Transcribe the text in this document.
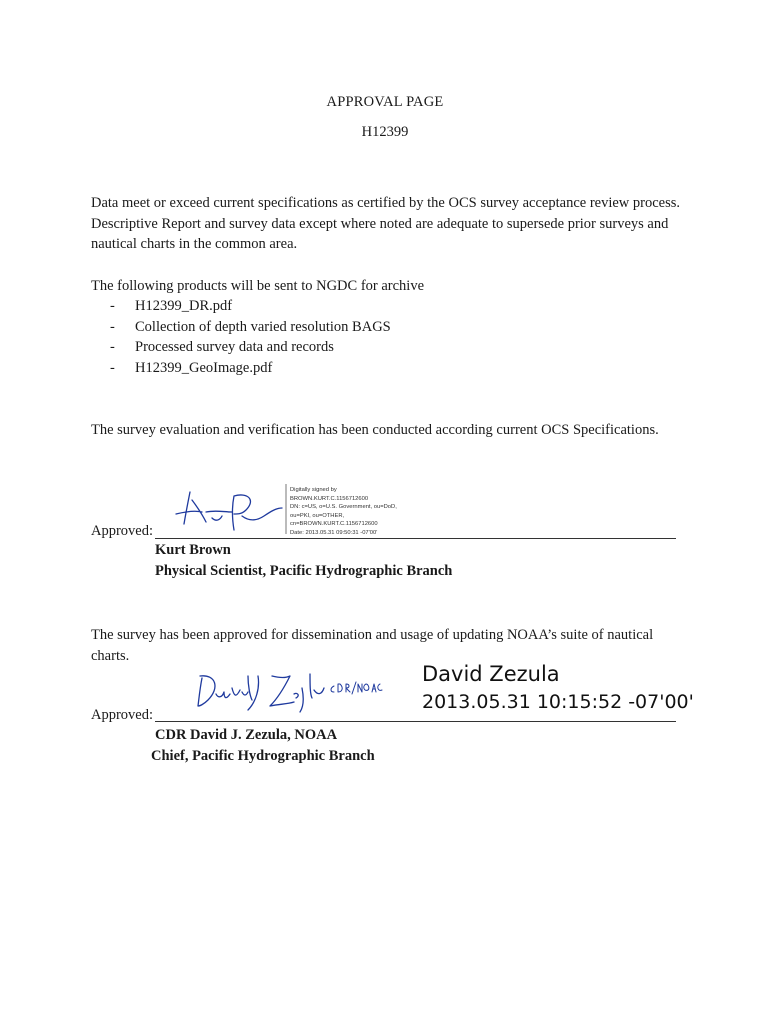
APPROVAL PAGE
H12399
Data meet or exceed current specifications as certified by the OCS survey acceptance review process. Descriptive Report and survey data except where noted are adequate to supersede prior surveys and nautical charts in the common area.
The following products will be sent to NGDC for archive
- H12399_DR.pdf
- Collection of depth varied resolution BAGS
- Processed survey data and records
- H12399_GeoImage.pdf
The survey evaluation and verification has been conducted according current OCS Specifications.
Digitally signed by
BROWN.KURT.C.1156712600
DN: c=US, o=U.S. Government, ou=DoD,
ou=PKI, ou=OTHER,
cn=BROWN.KURT.C.1156712600
Date: 2013.05.31 09:50:31 -07'00'
Approved:
Kurt Brown
Physical Scientist, Pacific Hydrographic Branch
The survey has been approved for dissemination and usage of updating NOAA’s suite of nautical charts.
David Zezula
2013.05.31 10:15:52 -07'00'
Approved:
CDR David J. Zezula, NOAA
Chief, Pacific Hydrographic Branch
